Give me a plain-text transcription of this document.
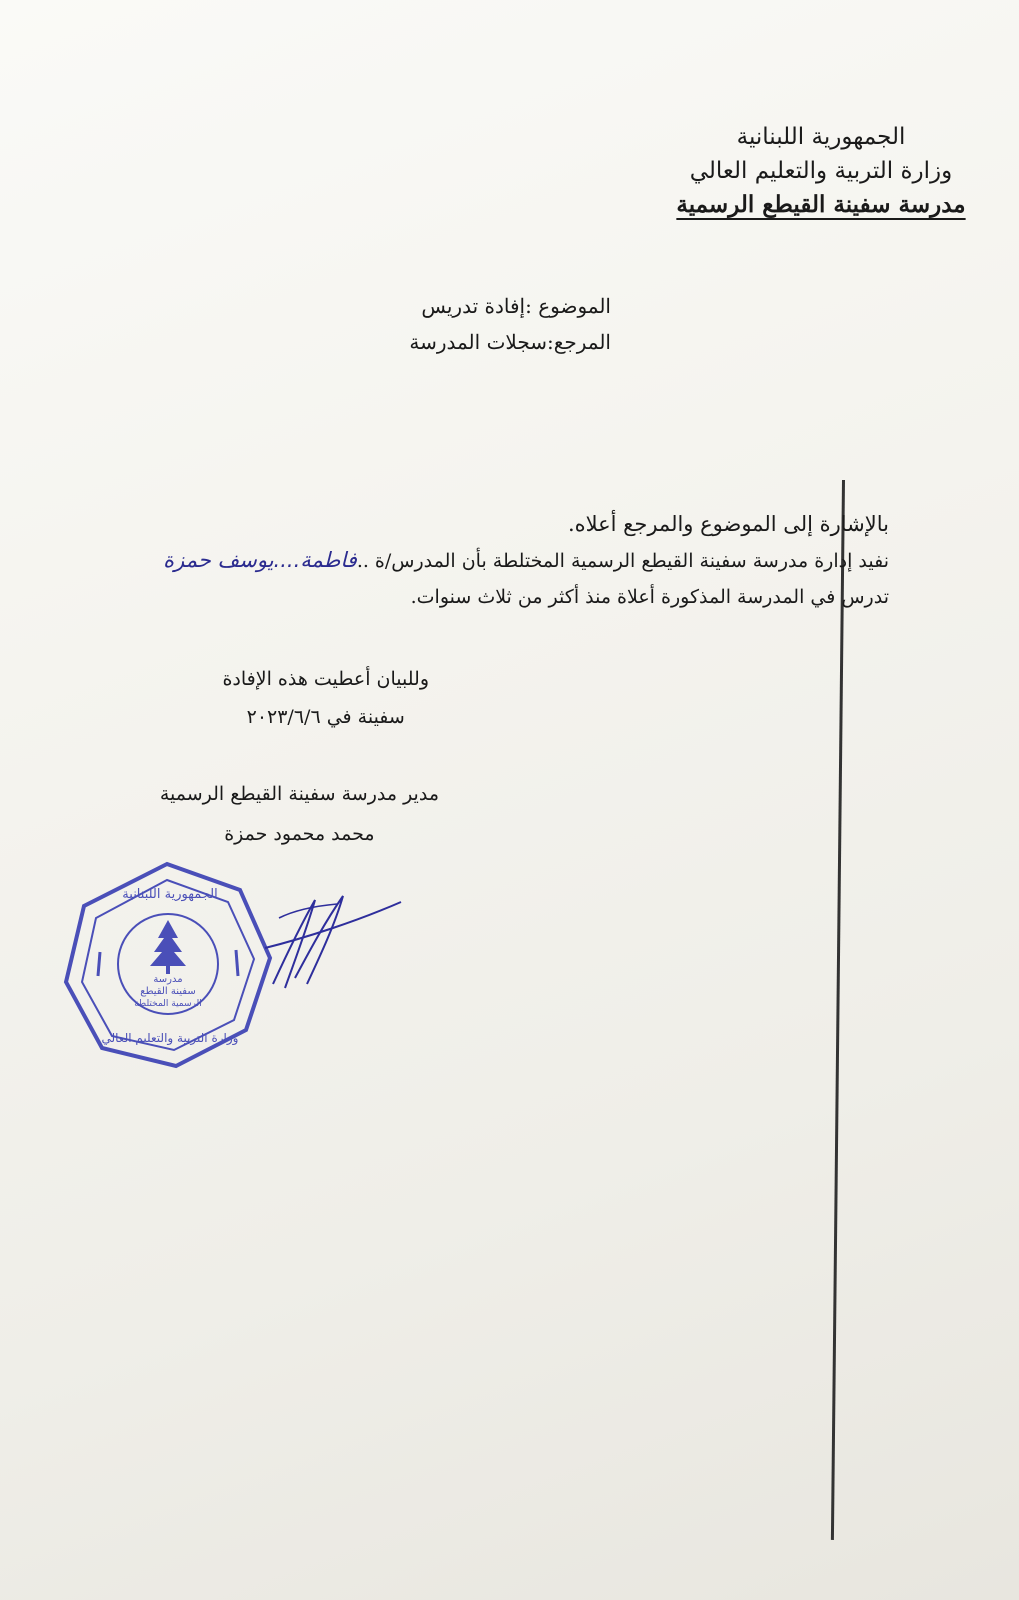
الجمهورية اللبنانية
وزارة التربية والتعليم العالي
مدرسة سفينة القيطع الرسمية
الموضوع :إفادة تدريس
المرجع:سجلات المدرسة
بالإشارة إلى الموضوع والمرجع أعلاه.
نفيد إدارة مدرسة سفينة القيطع الرسمية المختلطة بأن المدرس/ة ..فاطمة....يوسف حمزة
تدرس في المدرسة المذكورة أعلاة منذ أكثر من ثلاث سنوات.
وللبيان أعطيت هذه الإفادة
سفينة في ٢٠٢٣/٦/٦
مدير مدرسة سفينة القيطع الرسمية
محمد محمود حمزة
مدرسة
سفينة القيطع
الرسمية المختلطة
الجمهورية اللبنانية
وزارة التربية والتعليم العالي
